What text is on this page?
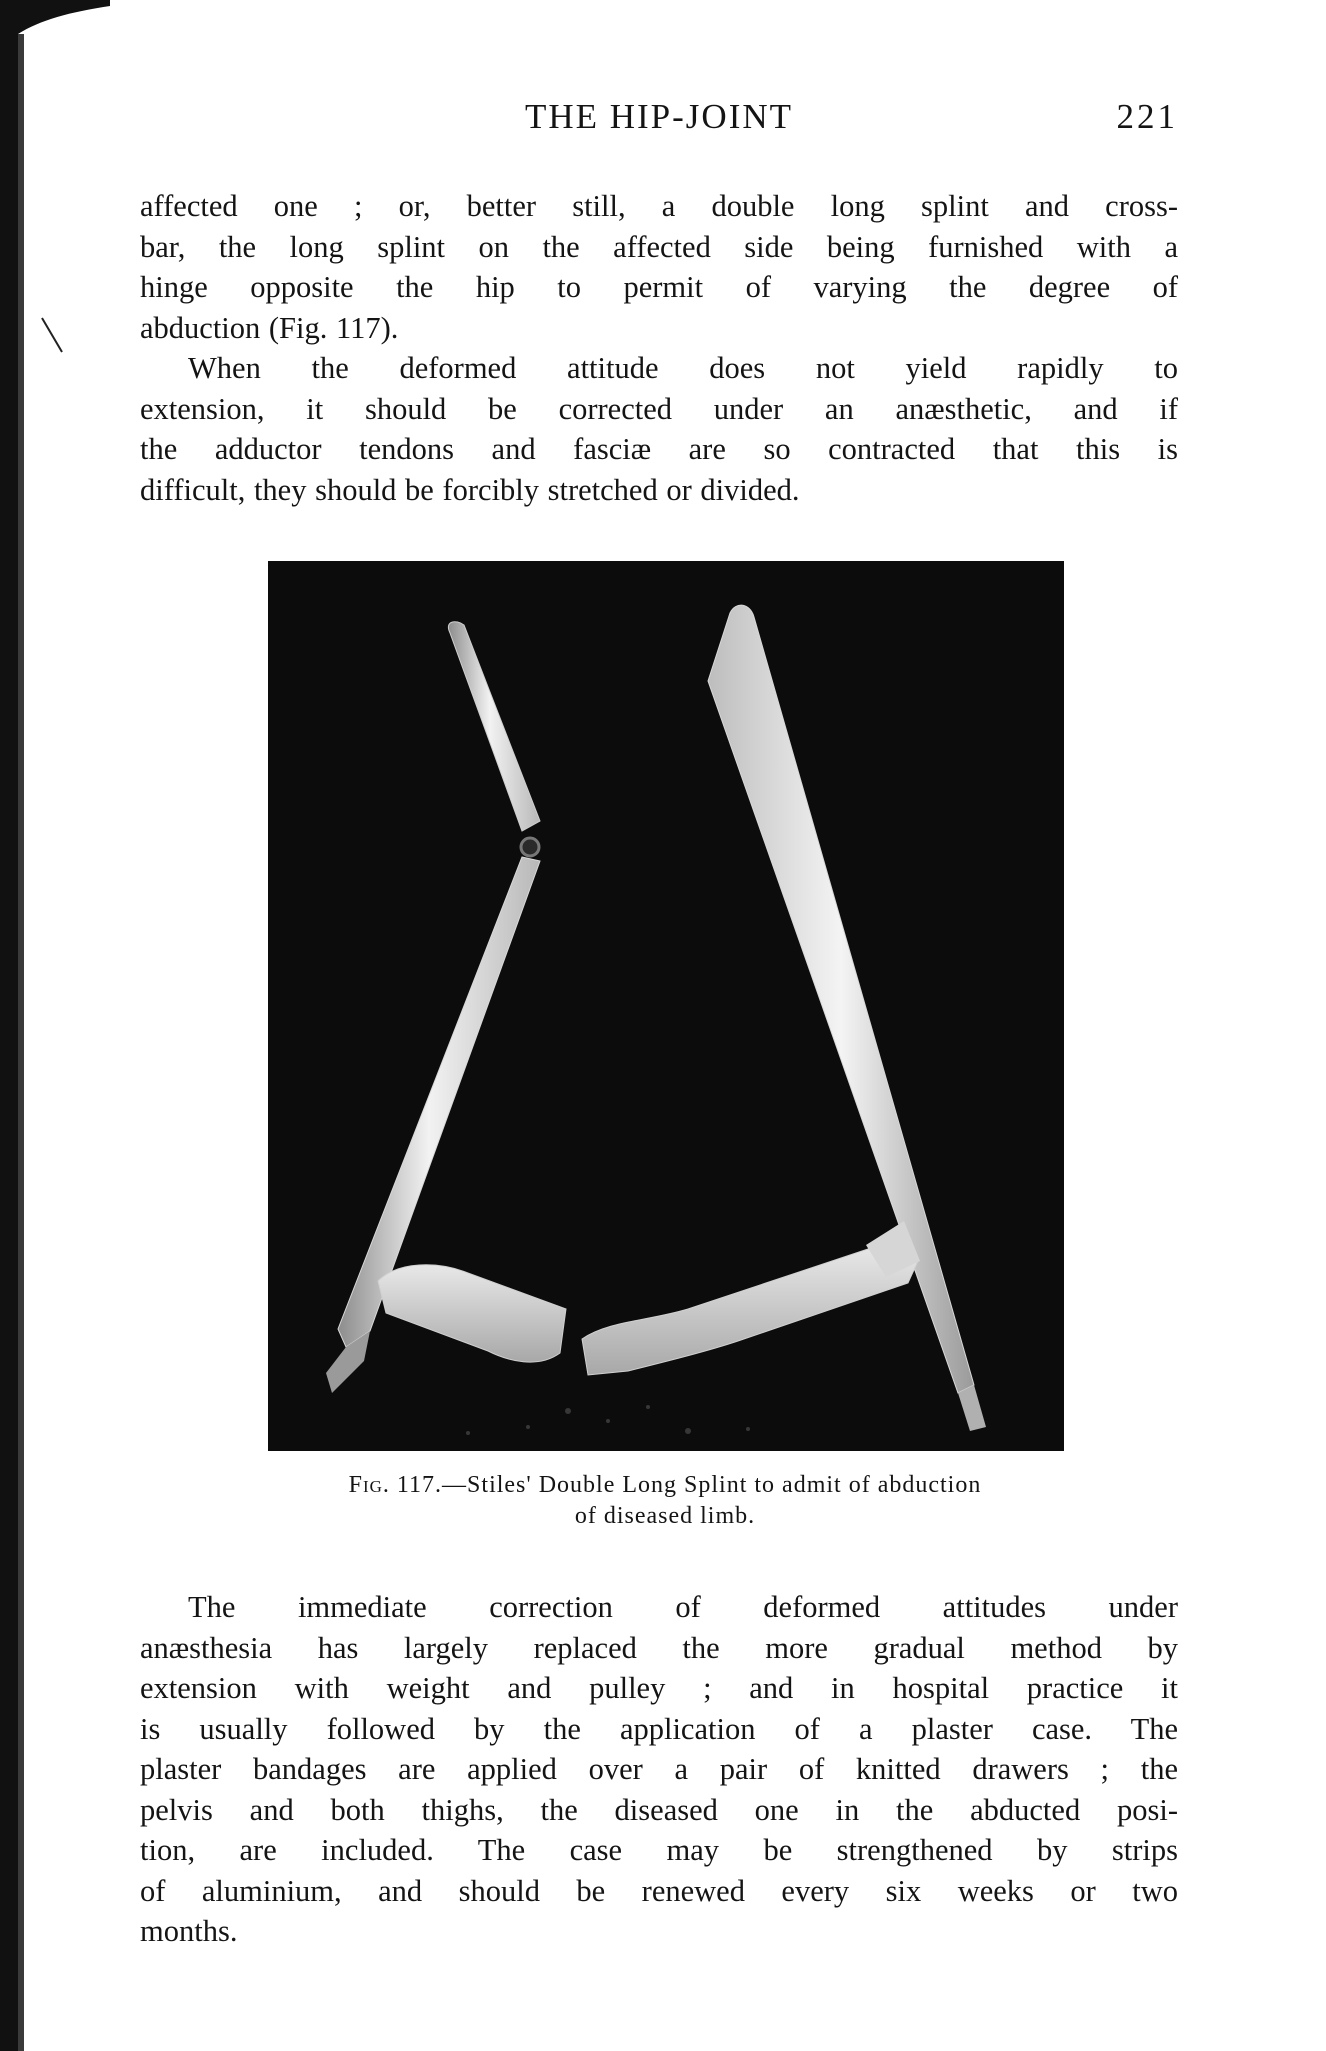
THE HIP-JOINT	221

affected one ; or, better still, a double long splint and cross-

bar, the long splint on the affected side being furnished with a

hinge opposite the hip to permit of varying the degree of

abduction (Fig. 117).

When the deformed attitude does not yield rapidly to

extension, it should be corrected under an anæsthetic, and if

the adductor tendons and fasciæ are so contracted that this is

difficult, they should be forcibly stretched or divided.

Fig. 117.—Stiles' Double Long Splint to admit of abduction
of diseased limb.

The immediate correction of deformed attitudes under

anæsthesia has largely replaced the more gradual method by

extension with weight and pulley ; and in hospital practice it

is usually followed by the application of a plaster case. The

plaster bandages are applied over a pair of knitted drawers ; the

pelvis and both thighs, the diseased one in the abducted posi-

tion, are included. The case may be strengthened by strips

of aluminium, and should be renewed every six weeks or two

months.
